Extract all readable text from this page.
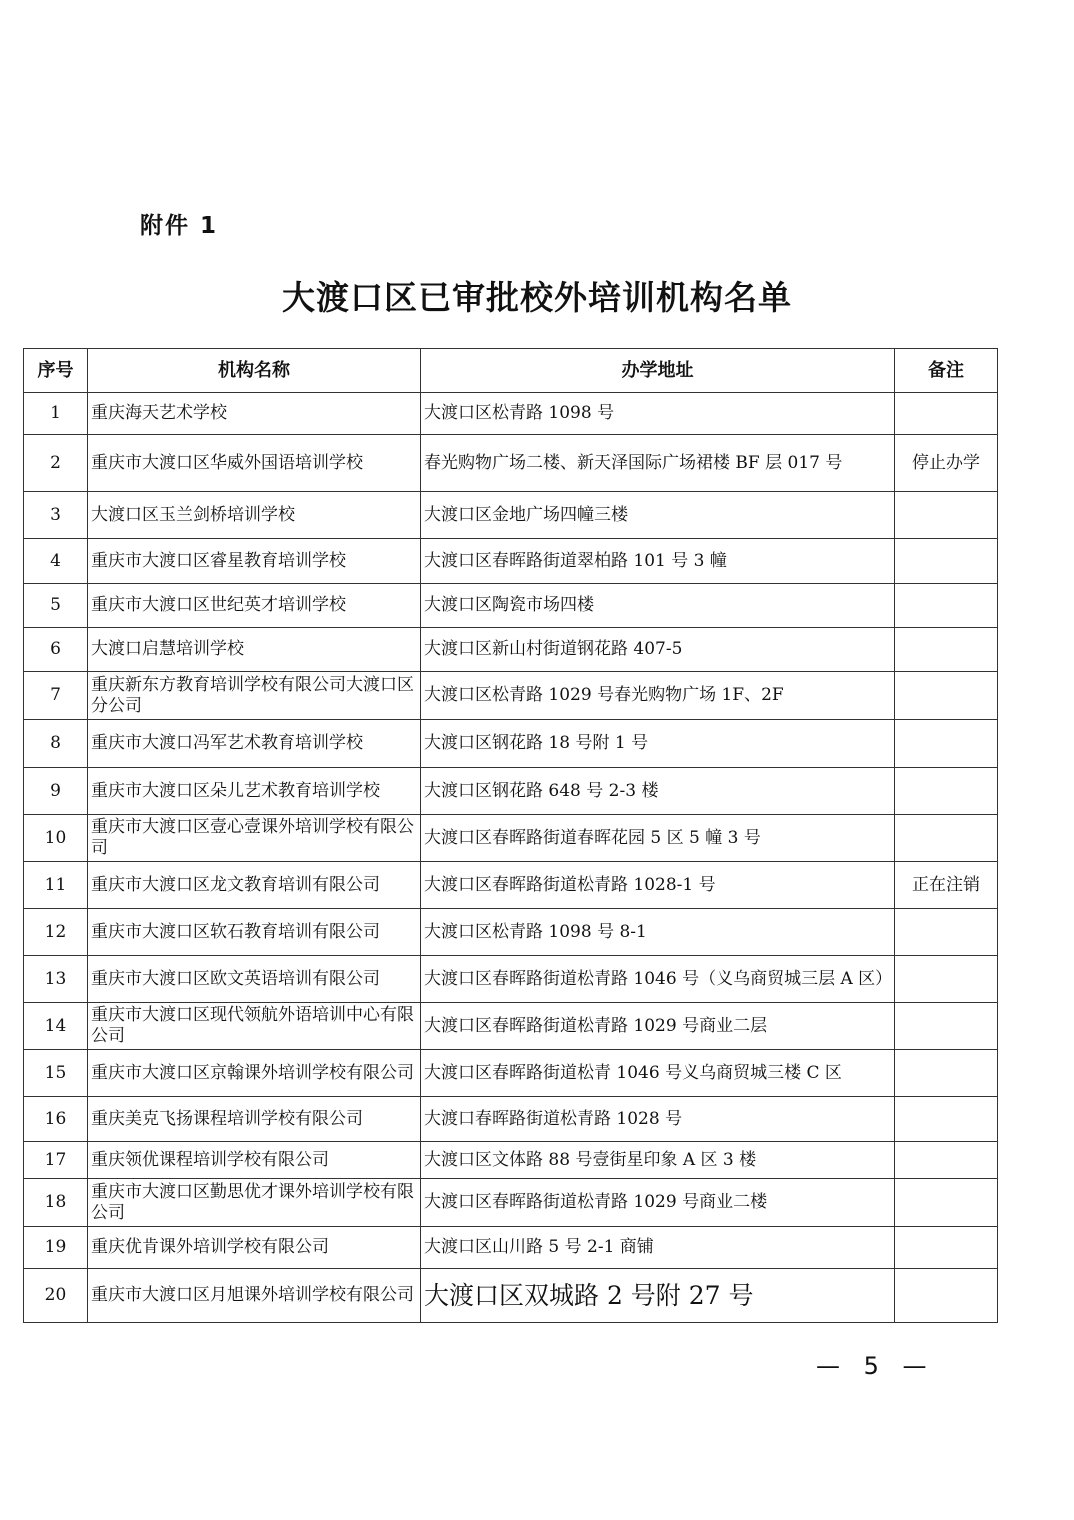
附件 1
大渡口区已审批校外培训机构名单
序号	机构名称	办学地址	备注
1	重庆海天艺术学校	大渡口区松青路 1098 号	
2	重庆市大渡口区华威外国语培训学校	春光购物广场二楼、新天泽国际广场裙楼 BF 层 017 号	停止办学
3	大渡口区玉兰剑桥培训学校	大渡口区金地广场四幢三楼	
4	重庆市大渡口区睿星教育培训学校	大渡口区春晖路街道翠柏路 101 号 3 幢	
5	重庆市大渡口区世纪英才培训学校	大渡口区陶瓷市场四楼	
6	大渡口启慧培训学校	大渡口区新山村街道钢花路 407-5	
7	重庆新东方教育培训学校有限公司大渡口区分公司	大渡口区松青路 1029 号春光购物广场 1F、2F	
8	重庆市大渡口冯军艺术教育培训学校	大渡口区钢花路 18 号附 1 号	
9	重庆市大渡口区朵儿艺术教育培训学校	大渡口区钢花路 648 号 2-3 楼	
10	重庆市大渡口区壹心壹课外培训学校有限公司	大渡口区春晖路街道春晖花园 5 区 5 幢 3 号	
11	重庆市大渡口区龙文教育培训有限公司	大渡口区春晖路街道松青路 1028-1 号	正在注销
12	重庆市大渡口区软石教育培训有限公司	大渡口区松青路 1098 号 8-1	
13	重庆市大渡口区欧文英语培训有限公司	大渡口区春晖路街道松青路 1046 号（义乌商贸城三层 A 区）	
14	重庆市大渡口区现代领航外语培训中心有限公司	大渡口区春晖路街道松青路 1029 号商业二层	
15	重庆市大渡口区京翰课外培训学校有限公司	大渡口区春晖路街道松青 1046 号义乌商贸城三楼 C 区	
16	重庆美克飞扬课程培训学校有限公司	大渡口春晖路街道松青路 1028 号	
17	重庆领优课程培训学校有限公司	大渡口区文体路 88 号壹街星印象 A 区 3 楼	
18	重庆市大渡口区勤思优才课外培训学校有限公司	大渡口区春晖路街道松青路 1029 号商业二楼	
19	重庆优肯课外培训学校有限公司	大渡口区山川路 5 号 2-1 商铺	
20	重庆市大渡口区月旭课外培训学校有限公司	大渡口区双城路 2 号附 27 号	
— 5 —
